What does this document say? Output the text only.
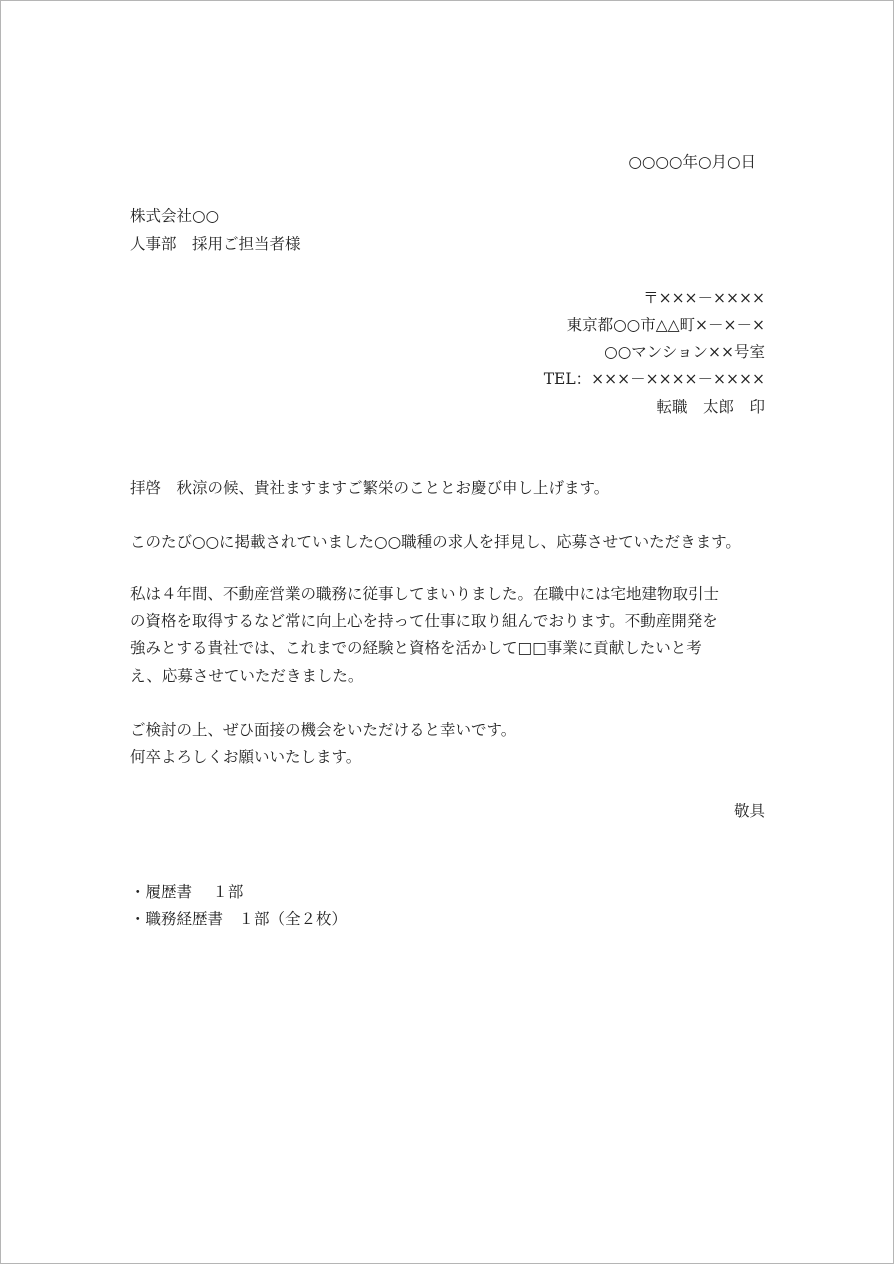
○○○○年○月○日
株式会社○○
人事部　採用ご担当者様
〒×××－××××
東京都○○市△△町×－×－×
○○マンション××号室
TEL：×××－××××－××××
転職　太郎　印
拝啓　秋涼の候、貴社ますますご繁栄のこととお慶び申し上げます。
このたび○○に掲載されていました○○職種の求人を拝見し、応募させていただきます。
私は４年間、不動産営業の職務に従事してまいりました。在職中には宅地建物取引士
の資格を取得するなど常に向上心を持って仕事に取り組んでおります。不動産開発を
強みとする貴社では、これまでの経験と資格を活かして□□事業に貢献したいと考
え、応募させていただきました。
ご検討の上、ぜひ面接の機会をいただけると幸いです。
何卒よろしくお願いいたします。
敬具
・履歴書　 １部
・職務経歴書　１部（全２枚）
